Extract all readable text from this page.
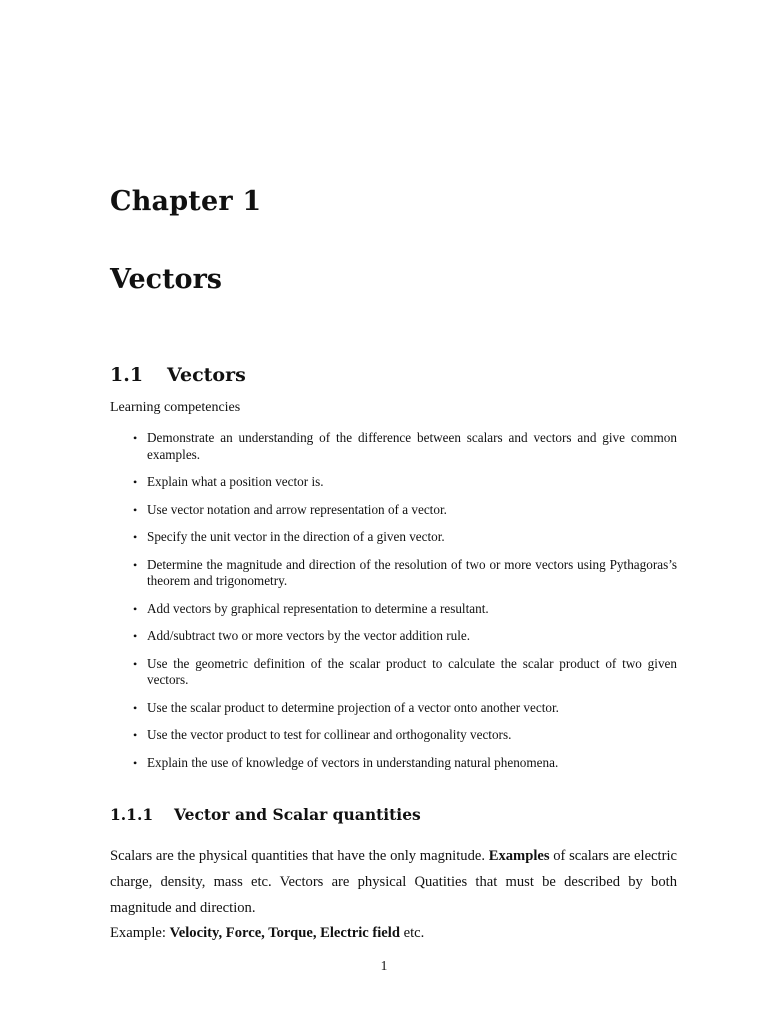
Chapter 1
Vectors
1.1 Vectors

Learning competencies

• Demonstrate an understanding of the difference between scalars and vectors and give common examples.
• Explain what a position vector is.
• Use vector notation and arrow representation of a vector.
• Specify the unit vector in the direction of a given vector.
• Determine the magnitude and direction of the resolution of two or more vectors using Pythagoras’s theorem and trigonometry.
• Add vectors by graphical representation to determine a resultant.
• Add/subtract two or more vectors by the vector addition rule.
• Use the geometric definition of the scalar product to calculate the scalar product of two given vectors.
• Use the scalar product to determine projection of a vector onto another vector.
• Use the vector product to test for collinear and orthogonality vectors.
• Explain the use of knowledge of vectors in understanding natural phenomena.
1.1.1 Vector and Scalar quantities

Scalars are the physical quantities that have the only magnitude. Examples of scalars are electric charge, density, mass etc. Vectors are physical Quatities that must be described by both magnitude and direction.

Example: Velocity, Force, Torque, Electric field etc.

1
